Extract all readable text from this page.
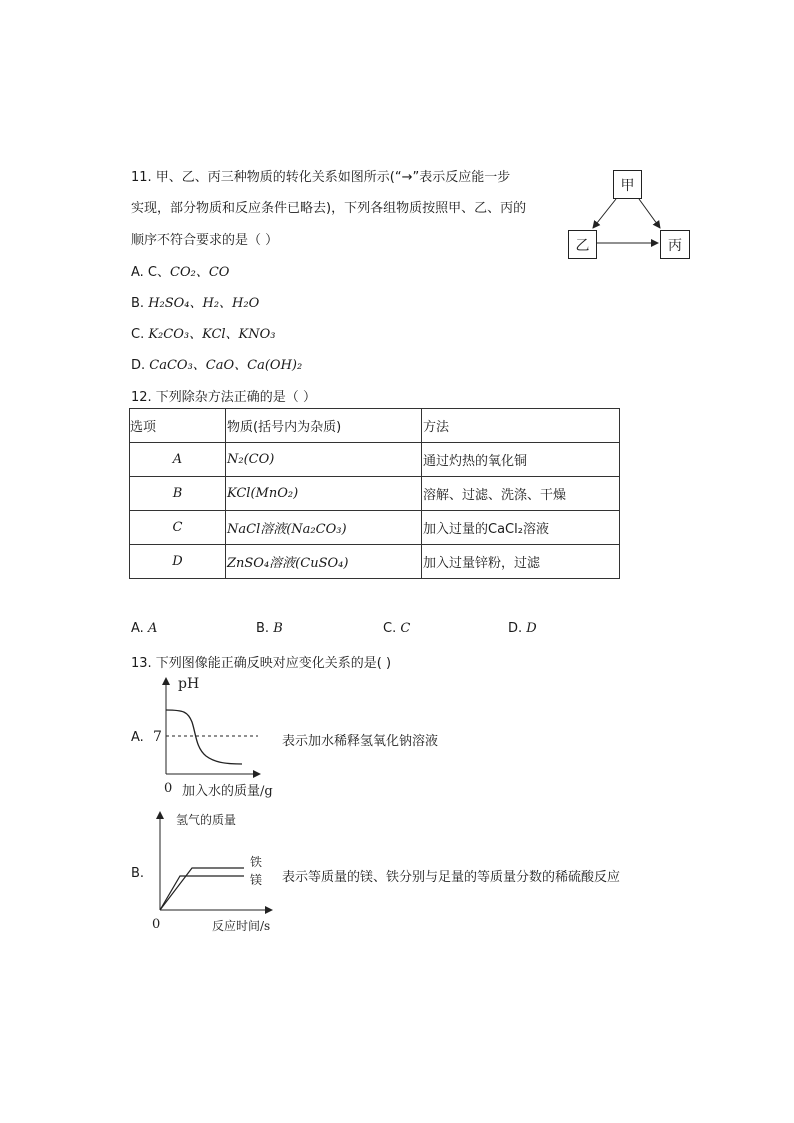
11. 甲、乙、丙三种物质的转化关系如图所示(“→”表示反应能一步
实现，部分物质和反应条件已略去)，下列各组物质按照甲、乙、丙的
顺序不符合要求的是（ ）
A. C、CO₂、CO
B. H₂SO₄、H₂、H₂O
C. K₂CO₃、KCl、KNO₃
D. CaCO₃、CaO、Ca(OH)₂
甲
乙	丙
12. 下列除杂方法正确的是（ ）
选项	物质(括号内为杂质)	方法
A	N₂(CO)	通过灼热的氧化铜
B	KCl(MnO₂)	溶解、过滤、洗涤、干燥
C	NaCl溶液(Na₂CO₃)	加入过量的CaCl₂溶液
D	ZnSO₄溶液(CuSO₄)	加入过量锌粉，过滤
A. A	B. B	C. C	D. D
13. 下列图像能正确反映对应变化关系的是( )
A.
pH
7
0 加入水的质量/g
表示加水稀释氢氧化钠溶液
B.
氢气的质量
铁
镁
0	反应时间/s
表示等质量的镁、铁分别与足量的等质量分数的稀硫酸反应
